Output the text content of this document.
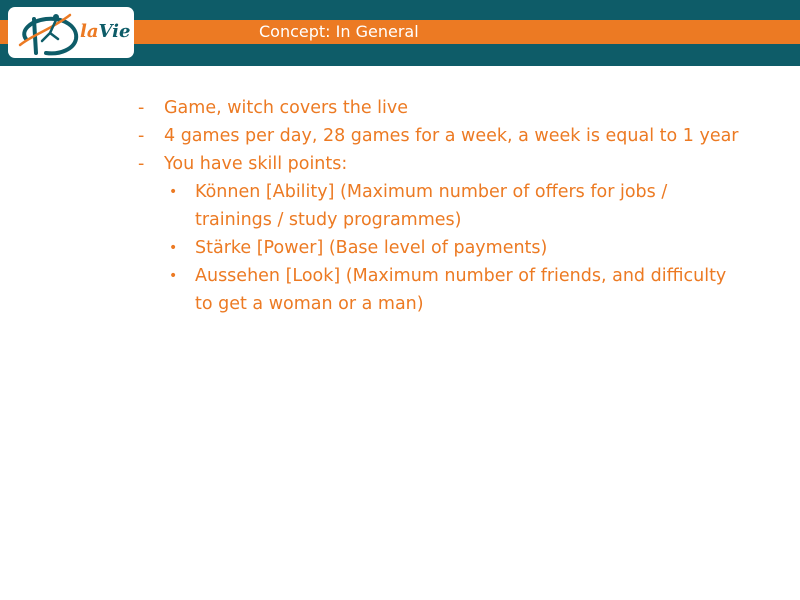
Concept: In General
laVie
- Game, witch covers the live
- 4 games per day, 28 games for a week, a week is equal to 1 year
- You have skill points:
• Können [Ability] (Maximum number of offers for jobs / trainings / study programmes)
• Stärke [Power] (Base level of payments)
• Aussehen [Look] (Maximum number of friends, and difficulty to get a woman or a man)
